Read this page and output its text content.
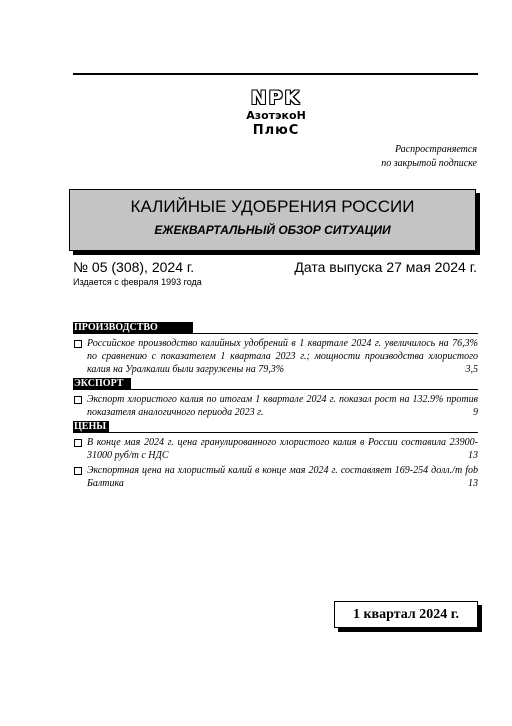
NPK
АзотэкоН
ПлюС
Распространяется
по закрытой подписке
КАЛИЙНЫЕ УДОБРЕНИЯ РОССИИ
ЕЖЕКВАРТАЛЬНЫЙ ОБЗОР СИТУАЦИИ
№ 05 (308), 2024 г.	Дата выпуска 27 мая 2024 г.
Издается с февраля 1993 года
ПРОИЗВОДСТВО
Российское производство калийных удобрений в 1 квартале 2024 г. увеличилось на 76,3% по сравнению с показателем 1 квартала 2023 г.; мощности производства хлористого калия на Уралкалии были загружены на 79,3%	3,5
ЭКСПОРТ
Экспорт хлористого калия по итогам 1 квартале 2024 г. показал рост на 132.9% против показателя аналогичного периода 2023 г.	9
ЦЕНЫ
В конце мая 2024 г. цена гранулированного хлористого калия в России составила 23900-31000 руб/т с НДС	13
Экспортная цена на хлористый калий в конце мая 2024 г. составляет 169-254 долл./т fob Балтика	13
1 квартал 2024 г.
